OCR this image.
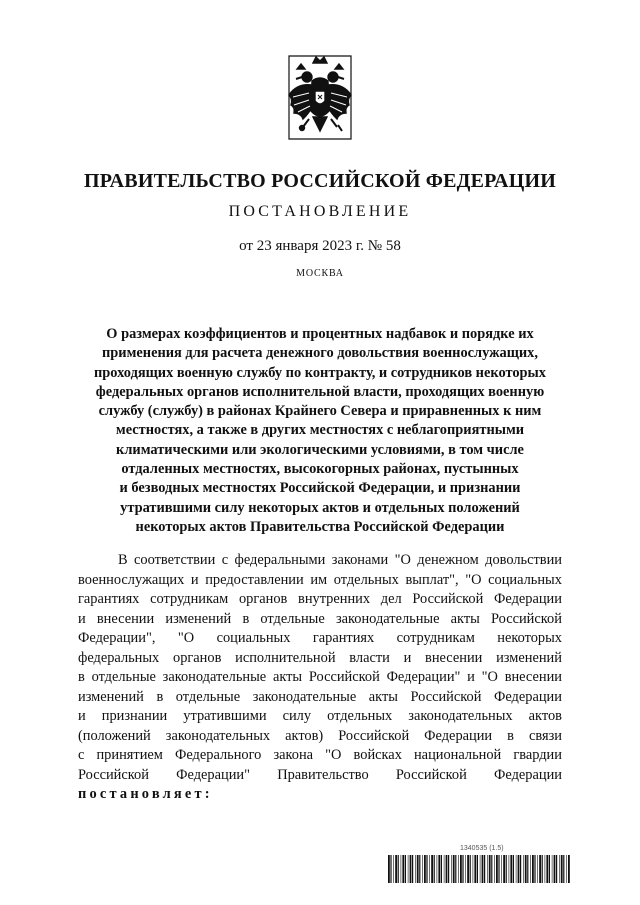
ПРАВИТЕЛЬСТВО РОССИЙСКОЙ ФЕДЕРАЦИИ
ПОСТАНОВЛЕНИЕ
от 23 января 2023 г. № 58
МОСКВА
О размерах коэффициентов и процентных надбавок и порядке их
применения для расчета денежного довольствия военнослужащих,
проходящих военную службу по контракту, и сотрудников некоторых
федеральных органов исполнительной власти, проходящих военную
службу (службу) в районах Крайнего Севера и приравненных к ним
местностях, а также в других местностях с неблагоприятными
климатическими или экологическими условиями, в том числе
отдаленных местностях, высокогорных районах, пустынных
и безводных местностях Российской Федерации, и признании
утратившими силу некоторых актов и отдельных положений
некоторых актов Правительства Российской Федерации
В соответствии с федеральными законами "О денежном довольствии
военнослужащих и предоставлении им отдельных выплат", "О социальных
гарантиях сотрудникам органов внутренних дел Российской Федерации
и внесении изменений в отдельные законодательные акты Российской
Федерации", "О социальных гарантиях сотрудникам некоторых
федеральных органов исполнительной власти и внесении изменений
в отдельные законодательные акты Российской Федерации" и "О внесении
изменений в отдельные законодательные акты Российской Федерации
и признании утратившими силу отдельных законодательных актов
(положений законодательных актов) Российской Федерации в связи
с принятием Федерального закона "О войсках национальной гвардии
Российской Федерации" Правительство Российской Федерации
постановляет:
1340535 (1.5)
